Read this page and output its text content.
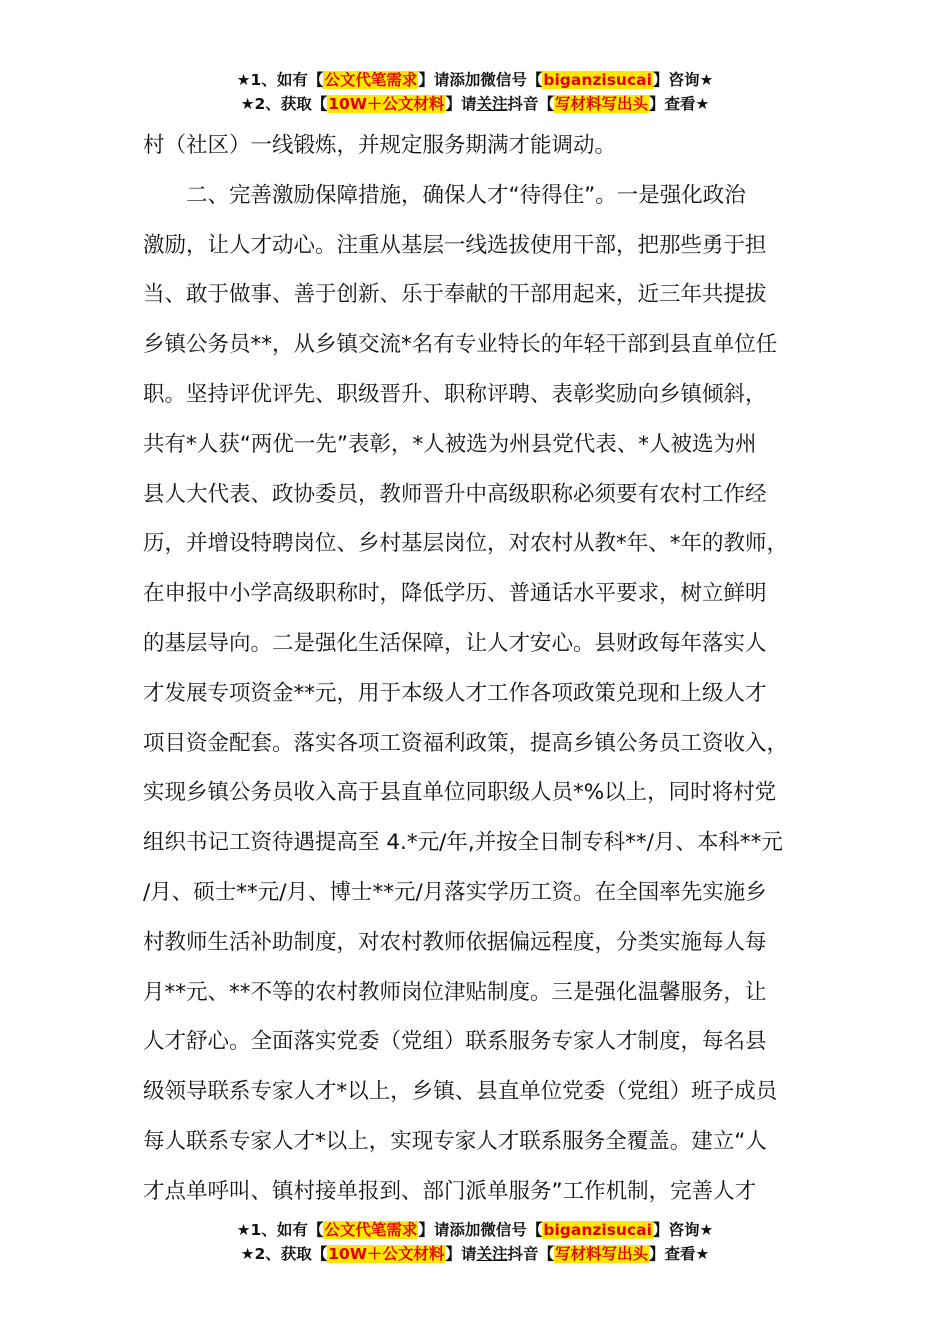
★1、如有【公文代笔需求】请添加微信号【biganzisucai】咨询★
★2、获取【10W＋公文材料】请关注抖音【写材料写出头】查看★
村（社区）一线锻炼，并规定服务期满才能调动。
　　二、完善激励保障措施，确保人才“待得住”。一是强化政治
激励，让人才动心。注重从基层一线选拔使用干部，把那些勇于担
当、敢于做事、善于创新、乐于奉献的干部用起来，近三年共提拔
乡镇公务员**，从乡镇交流*名有专业特长的年轻干部到县直单位任
职。坚持评优评先、职级晋升、职称评聘、表彰奖励向乡镇倾斜，
共有*人获“两优一先”表彰，*人被选为州县党代表、*人被选为州
县人大代表、政协委员，教师晋升中高级职称必须要有农村工作经
历，并增设特聘岗位、乡村基层岗位，对农村从教*年、*年的教师，
在申报中小学高级职称时，降低学历、普通话水平要求，树立鲜明
的基层导向。二是强化生活保障，让人才安心。县财政每年落实人
才发展专项资金**元，用于本级人才工作各项政策兑现和上级人才
项目资金配套。落实各项工资福利政策，提高乡镇公务员工资收入，
实现乡镇公务员收入高于县直单位同职级人员*%以上，同时将村党
组织书记工资待遇提高至 4.*元/年,并按全日制专科**/月、本科**元
/月、硕士**元/月、博士**元/月落实学历工资。在全国率先实施乡
村教师生活补助制度，对农村教师依据偏远程度，分类实施每人每
月**元、**不等的农村教师岗位津贴制度。三是强化温馨服务，让
人才舒心。全面落实党委（党组）联系服务专家人才制度，每名县
级领导联系专家人才*以上，乡镇、县直单位党委（党组）班子成员
每人联系专家人才*以上，实现专家人才联系服务全覆盖。建立“人
才点单呼叫、镇村接单报到、部门派单服务”工作机制，完善人才
★1、如有【公文代笔需求】请添加微信号【biganzisucai】咨询★
★2、获取【10W＋公文材料】请关注抖音【写材料写出头】查看★
